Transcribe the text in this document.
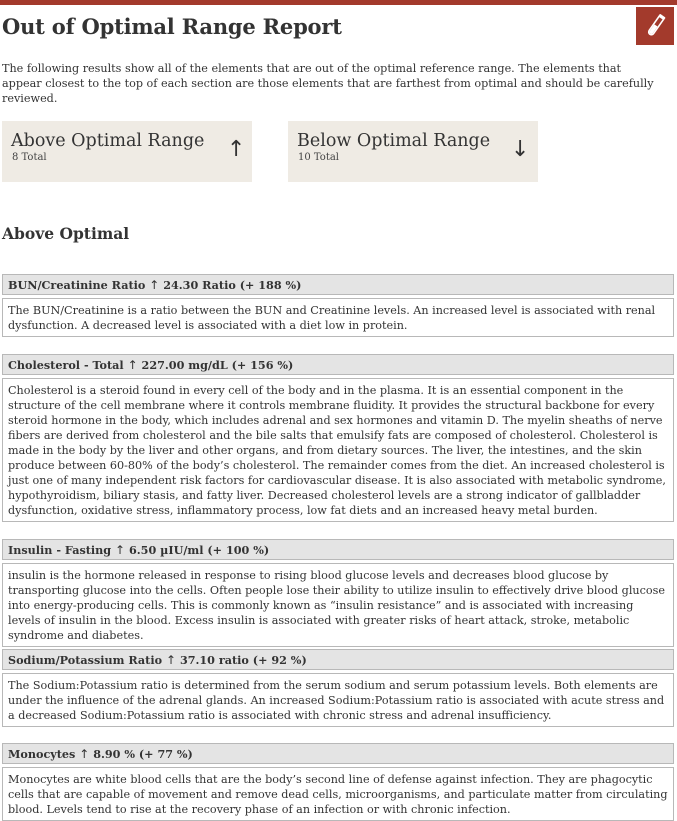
Out of Optimal Range Report

The following results show all of the elements that are out of the optimal reference range. The elements that appear closest to the top of each section are those elements that are farthest from optimal and should be carefully reviewed.

Above Optimal Range
8 Total	↑	Below Optimal Range
10 Total	↓
Above Optimal
BUN/Creatinine Ratio ↑ 24.30 Ratio (+ 188 %)
The BUN/Creatinine is a ratio between the BUN and Creatinine levels. An increased level is associated with renal dysfunction. A decreased level is associated with a diet low in protein.
Cholesterol - Total ↑ 227.00 mg/dL (+ 156 %)
Cholesterol is a steroid found in every cell of the body and in the plasma. It is an essential component in the structure of the cell membrane where it controls membrane fluidity. It provides the structural backbone for every steroid hormone in the body, which includes adrenal and sex hormones and vitamin D. The myelin sheaths of nerve fibers are derived from cholesterol and the bile salts that emulsify fats are composed of cholesterol. Cholesterol is made in the body by the liver and other organs, and from dietary sources. The liver, the intestines, and the skin produce between 60-80% of the body’s cholesterol. The remainder comes from the diet. An increased cholesterol is just one of many independent risk factors for cardiovascular disease. It is also associated with metabolic syndrome, hypothyroidism, biliary stasis, and fatty liver. Decreased cholesterol levels are a strong indicator of gallbladder dysfunction, oxidative stress, inflammatory process, low fat diets and an increased heavy metal burden.
Insulin - Fasting ↑ 6.50 µIU/ml (+ 100 %)
insulin is the hormone released in response to rising blood glucose levels and decreases blood glucose by transporting glucose into the cells. Often people lose their ability to utilize insulin to effectively drive blood glucose into energy-producing cells. This is commonly known as “insulin resistance” and is associated with increasing levels of insulin in the blood. Excess insulin is associated with greater risks of heart attack, stroke, metabolic syndrome and diabetes.
Sodium/Potassium Ratio ↑ 37.10 ratio (+ 92 %)
The Sodium:Potassium ratio is determined from the serum sodium and serum potassium levels. Both elements are under the influence of the adrenal glands. An increased Sodium:Potassium ratio is associated with acute stress and a decreased Sodium:Potassium ratio is associated with chronic stress and adrenal insufficiency.
Monocytes ↑ 8.90 % (+ 77 %)
Monocytes are white blood cells that are the body’s second line of defense against infection. They are phagocytic cells that are capable of movement and remove dead cells, microorganisms, and particulate matter from circulating blood. Levels tend to rise at the recovery phase of an infection or with chronic infection.
